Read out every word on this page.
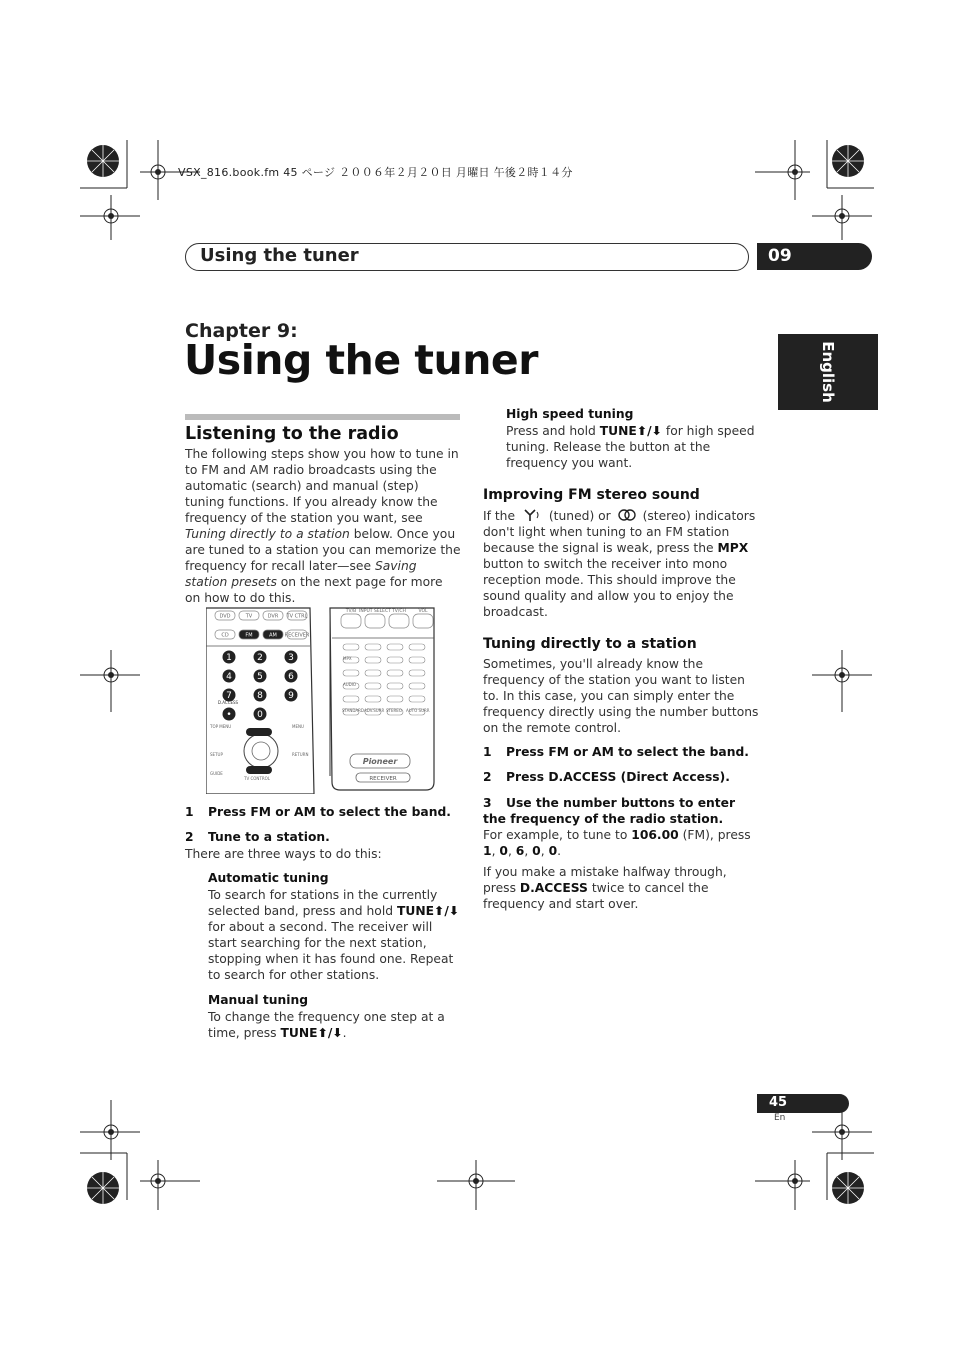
VSX_816.book.fm 45 ページ ２００６年２月２０日 月曜日 午後２時１４分
Using the tuner	09
English
Chapter 9:
Using the tuner
Listening to the radio
The following steps show you how to tune in to FM and AM radio broadcasts using the automatic (search) and manual (step) tuning functions. If you already know the frequency of the station you want, see Tuning directly to a station below. Once you are tuned to a station you can memorize the frequency for recall later—see Saving station presets on the next page for more on how to do this.
DVD	TV	DVR TV CTRL
CD	FM	AM RECEIVER
1	2	3
4	5	6
7	8	9
•	0
D.ACCESS
TOP MENU	MENU
SETUP	RETURN
GUIDE
TV CONTROL
TV/B INPUT SELECT TV/CH	VOL
MPX
AUDIO
STANDARD ADV.SURR STEREO AUTO SURR
Pioneer
RECEIVER
1 Press FM or AM to select the band.
2 Tune to a station.
There are three ways to do this:
Automatic tuning
To search for stations in the currently selected band, press and hold TUNE⬆/⬇ for about a second. The receiver will start searching for the next station, stopping when it has found one. Repeat to search for other stations.
Manual tuning
To change the frequency one step at a time, press TUNE⬆/⬇.
High speed tuning
Press and hold TUNE⬆/⬇ for high speed tuning. Release the button at the frequency you want.
Improving FM stereo sound
If the  (tuned) or  (stereo) indicators don't light when tuning to an FM station because the signal is weak, press the MPX button to switch the receiver into mono reception mode. This should improve the sound quality and allow you to enjoy the broadcast.
Tuning directly to a station
Sometimes, you'll already know the frequency of the station you want to listen to. In this case, you can simply enter the frequency directly using the number buttons on the remote control.
1 Press FM or AM to select the band.
2 Press D.ACCESS (Direct Access).
3 Use the number buttons to enter the frequency of the radio station.
For example, to tune to 106.00 (FM), press 1, 0, 6, 0, 0.
If you make a mistake halfway through, press D.ACCESS twice to cancel the frequency and start over.
45
En
